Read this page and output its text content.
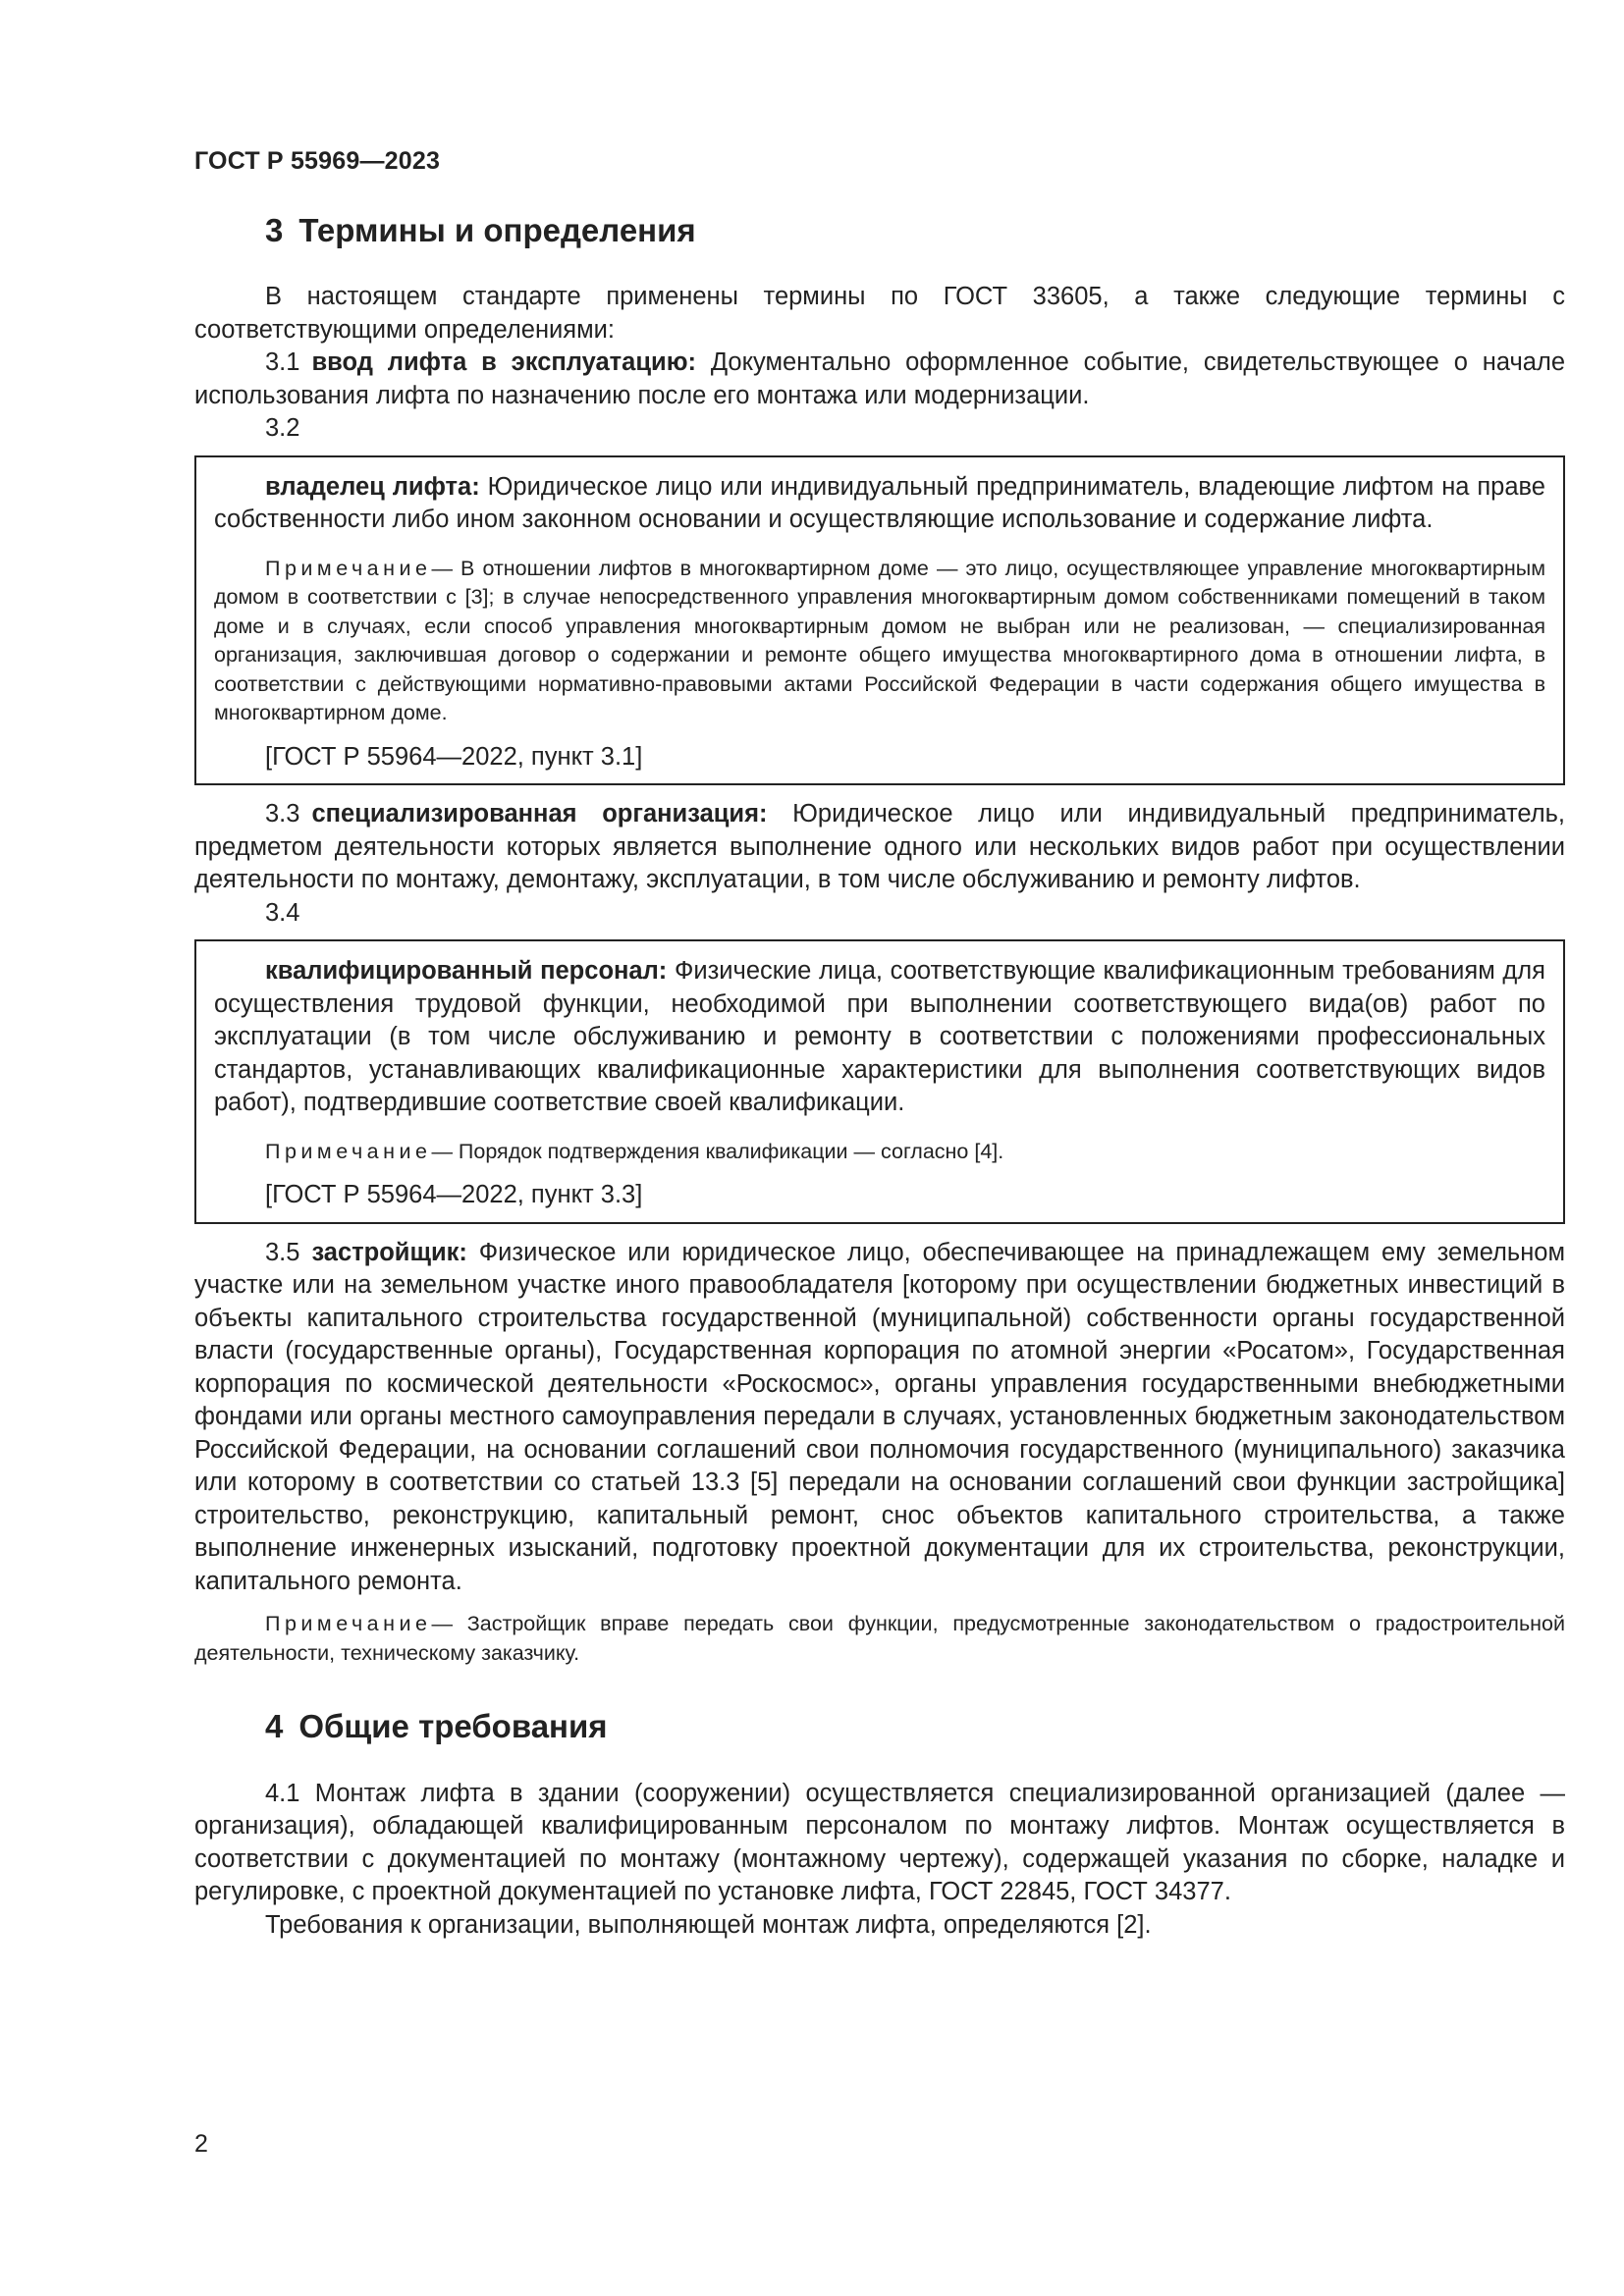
ГОСТ Р 55969—2023
3 Термины и определения

В настоящем стандарте применены термины по ГОСТ 33605, а также следующие термины с соответствующими определениями:

3.1 ввод лифта в эксплуатацию: Документально оформленное событие, свидетельствующее о начале использования лифта по назначению после его монтажа или модернизации.

3.2

владелец лифта: Юридическое лицо или индивидуальный предприниматель, владеющие лифтом на праве собственности либо ином законном основании и осуществляющие использование и содержание лифта.

Примечание— В отношении лифтов в многоквартирном доме — это лицо, осуществляющее управление многоквартирным домом в соответствии с [3]; в случае непосредственного управления многоквартирным домом собственниками помещений в таком доме и в случаях, если способ управления многоквартирным домом не выбран или не реализован, — специализированная организация, заключившая договор о содержании и ремонте общего имущества многоквартирного дома в отношении лифта, в соответствии с действующими нормативно-правовыми актами Российской Федерации в части содержания общего имущества в многоквартирном доме.

[ГОСТ Р 55964—2022, пункт 3.1]

3.3 специализированная организация: Юридическое лицо или индивидуальный предприниматель, предметом деятельности которых является выполнение одного или нескольких видов работ при осуществлении деятельности по монтажу, демонтажу, эксплуатации, в том числе обслуживанию и ремонту лифтов.

3.4

квалифицированный персонал: Физические лица, соответствующие квалификационным требованиям для осуществления трудовой функции, необходимой при выполнении соответствующего вида(ов) работ по эксплуатации (в том числе обслуживанию и ремонту в соответствии с положениями профессиональных стандартов, устанавливающих квалификационные характеристики для выполнения соответствующих видов работ), подтвердившие соответствие своей квалификации.

Примечание— Порядок подтверждения квалификации — согласно [4].

[ГОСТ Р 55964—2022, пункт 3.3]

3.5 застройщик: Физическое или юридическое лицо, обеспечивающее на принадлежащем ему земельном участке или на земельном участке иного правообладателя [которому при осуществлении бюджетных инвестиций в объекты капитального строительства государственной (муниципальной) собственности органы государственной власти (государственные органы), Государственная корпорация по атомной энергии «Росатом», Государственная корпорация по космической деятельности «Роскосмос», органы управления государственными внебюджетными фондами или органы местного самоуправления передали в случаях, установленных бюджетным законодательством Российской Федерации, на основании соглашений свои полномочия государственного (муниципального) заказчика или которому в соответствии со статьей 13.3 [5] передали на основании соглашений свои функции застройщика] строительство, реконструкцию, капитальный ремонт, снос объектов капитального строительства, а также выполнение инженерных изысканий, подготовку проектной документации для их строительства, реконструкции, капитального ремонта.

Примечание— Застройщик вправе передать свои функции, предусмотренные законодательством о градостроительной деятельности, техническому заказчику.

4 Общие требования

4.1 Монтаж лифта в здании (сооружении) осуществляется специализированной организацией (далее — организация), обладающей квалифицированным персоналом по монтажу лифтов. Монтаж осуществляется в соответствии с документацией по монтажу (монтажному чертежу), содержащей указания по сборке, наладке и регулировке, с проектной документацией по установке лифта, ГОСТ 22845, ГОСТ 34377.

Требования к организации, выполняющей монтаж лифта, определяются [2].

2
